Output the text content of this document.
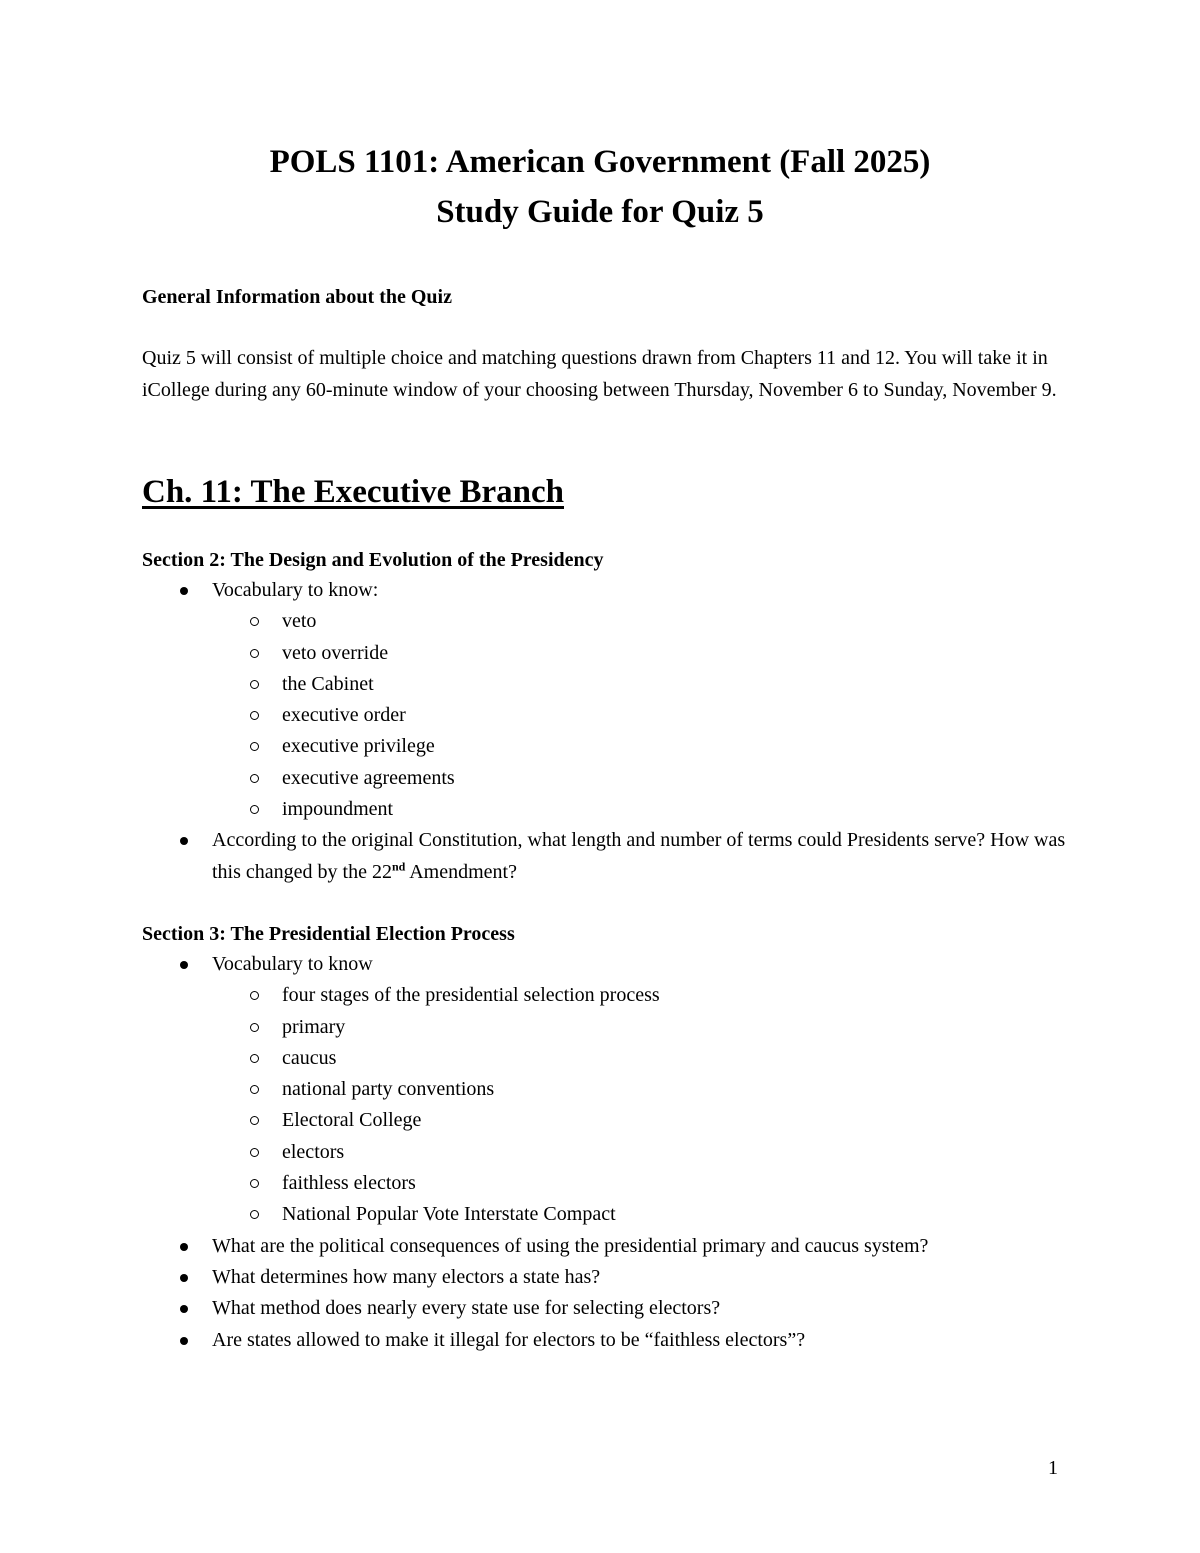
POLS 1101: American Government (Fall 2025)
Study Guide for Quiz 5

General Information about the Quiz

Quiz 5 will consist of multiple choice and matching questions drawn from Chapters 11 and 12. You will take it in iCollege during any 60-minute window of your choosing between Thursday, November 6 to Sunday, November 9.

Ch. 11: The Executive Branch

Section 2: The Design and Evolution of the Presidency

Vocabulary to know:
veto
veto override
the Cabinet
executive order
executive privilege
executive agreements
impoundment
According to the original Constitution, what length and number of terms could Presidents serve? How was this changed by the 22nd Amendment?

Section 3: The Presidential Election Process

Vocabulary to know
four stages of the presidential selection process
primary
caucus
national party conventions
Electoral College
electors
faithless electors
National Popular Vote Interstate Compact
What are the political consequences of using the presidential primary and caucus system?
What determines how many electors a state has?
What method does nearly every state use for selecting electors?
Are states allowed to make it illegal for electors to be “faithless electors”?
1
